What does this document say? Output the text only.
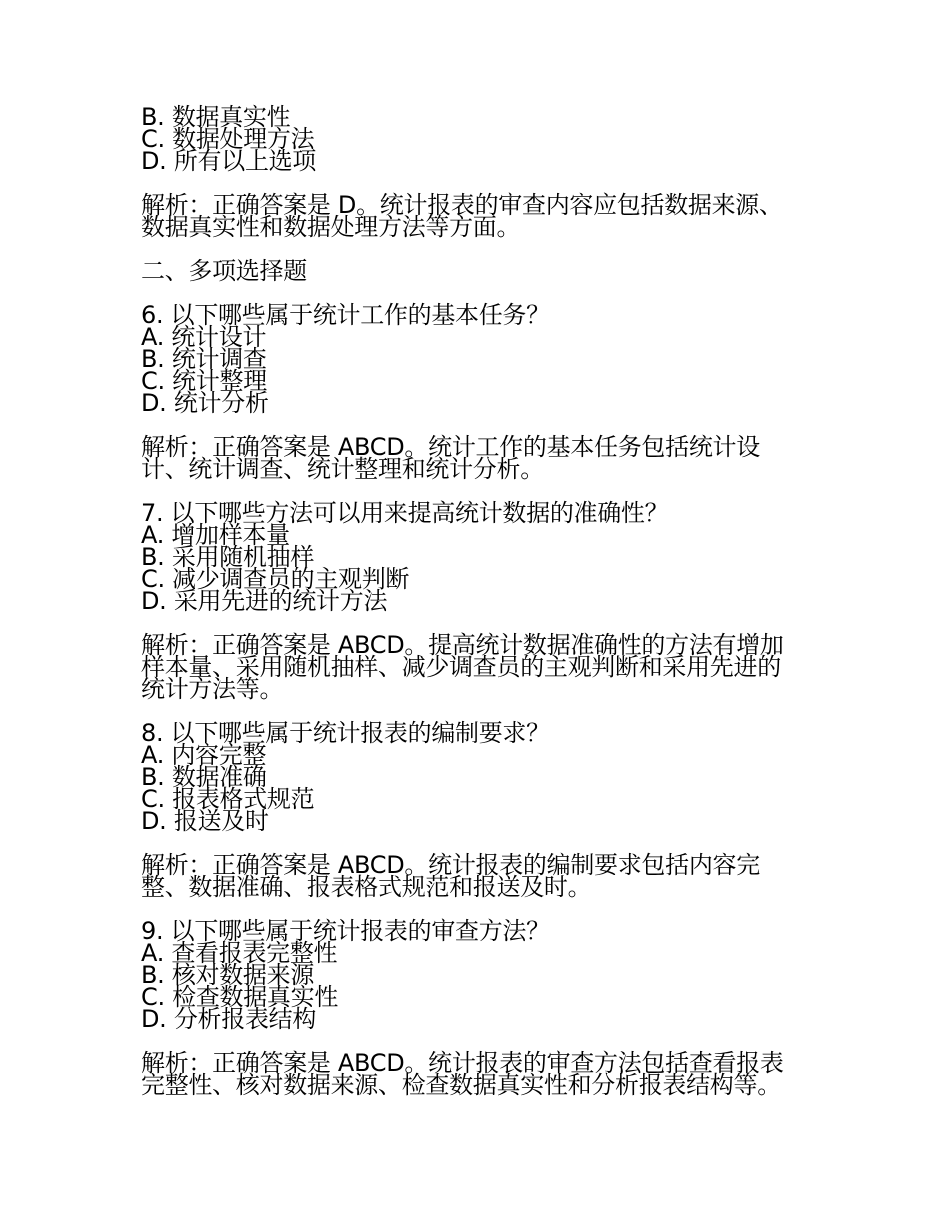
B. 数据真实性
C. 数据处理方法
D. 所有以上选项
解析：正确答案是 D。统计报表的审查内容应包括数据来源、
数据真实性和数据处理方法等方面。
二、多项选择题
6. 以下哪些属于统计工作的基本任务？
A. 统计设计
B. 统计调查
C. 统计整理
D. 统计分析
解析：正确答案是 ABCD。统计工作的基本任务包括统计设
计、统计调查、统计整理和统计分析。
7. 以下哪些方法可以用来提高统计数据的准确性？
A. 增加样本量
B. 采用随机抽样
C. 减少调查员的主观判断
D. 采用先进的统计方法
解析：正确答案是 ABCD。提高统计数据准确性的方法有增加
样本量、采用随机抽样、减少调查员的主观判断和采用先进的
统计方法等。
8. 以下哪些属于统计报表的编制要求？
A. 内容完整
B. 数据准确
C. 报表格式规范
D. 报送及时
解析：正确答案是 ABCD。统计报表的编制要求包括内容完
整、数据准确、报表格式规范和报送及时。
9. 以下哪些属于统计报表的审查方法？
A. 查看报表完整性
B. 核对数据来源
C. 检查数据真实性
D. 分析报表结构
解析：正确答案是 ABCD。统计报表的审查方法包括查看报表
完整性、核对数据来源、检查数据真实性和分析报表结构等。
